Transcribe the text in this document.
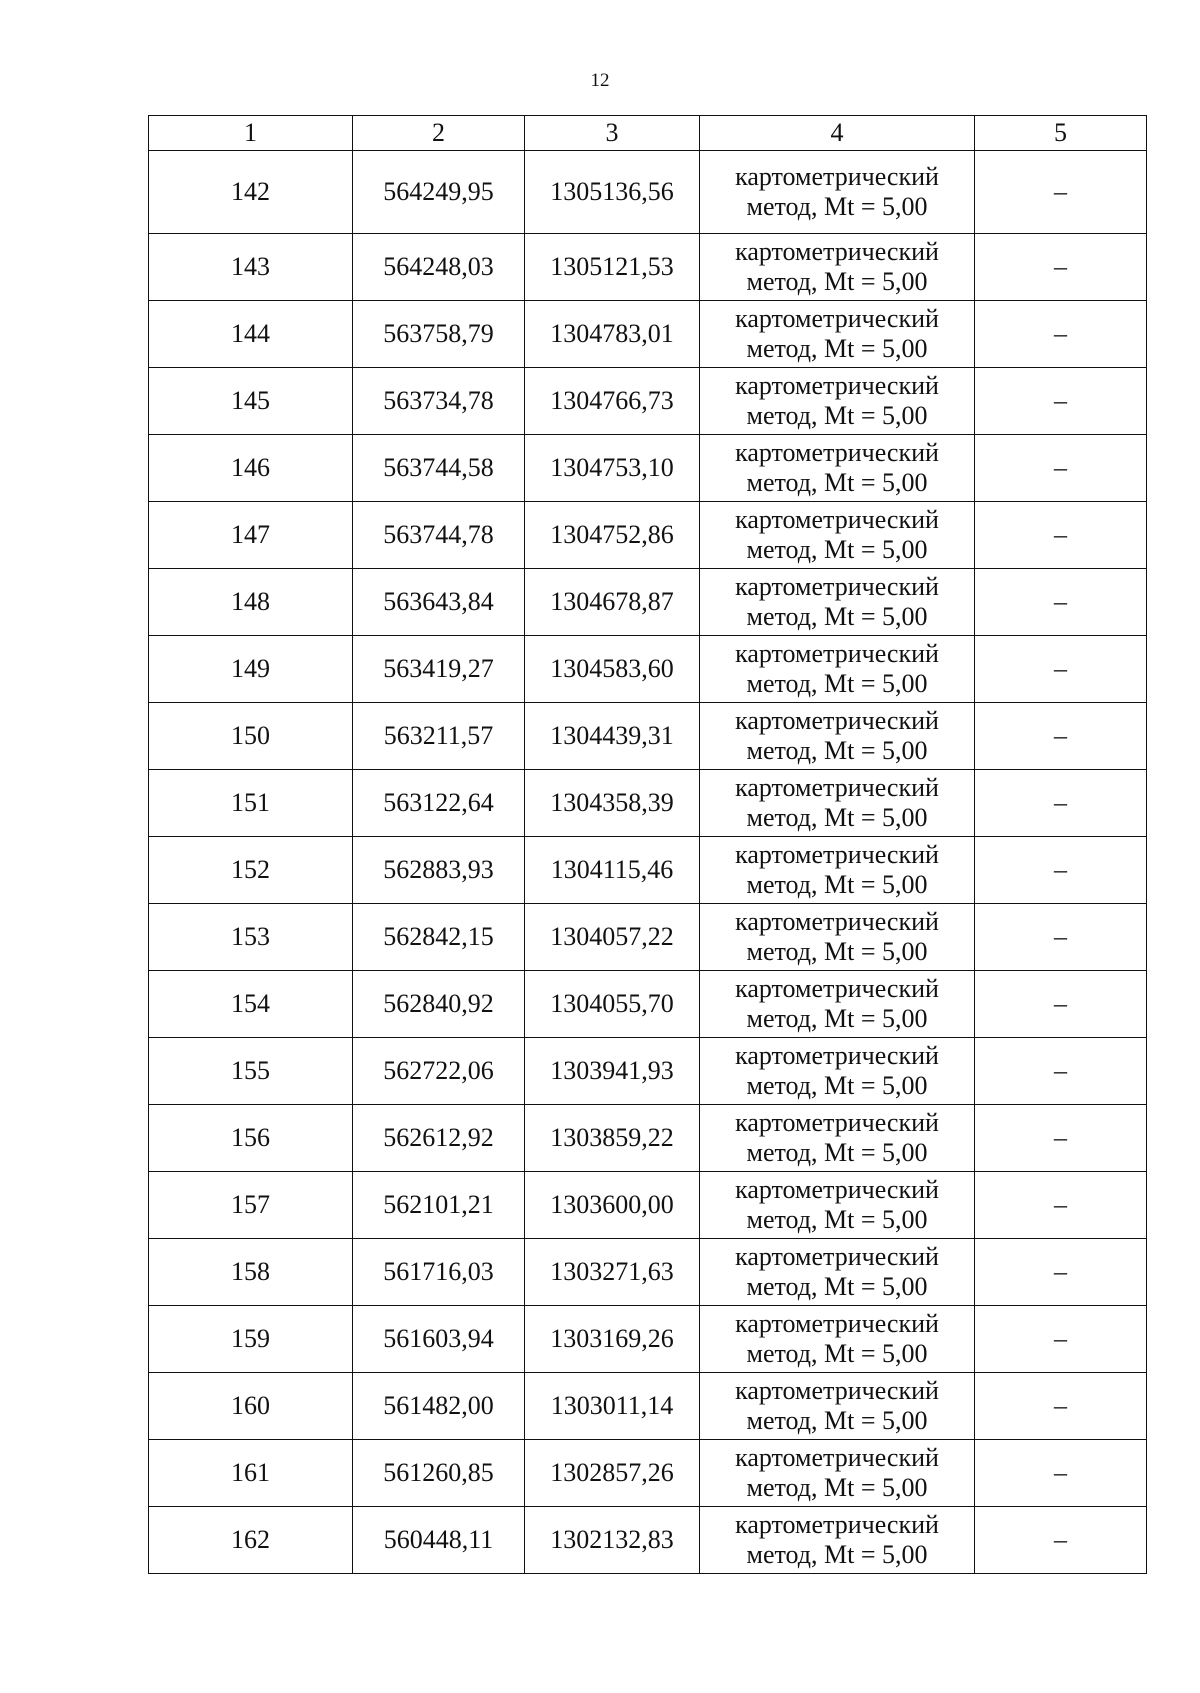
12
1	2	3	4	5
142	564249,95	1305136,56	картометрический
метод, Mt = 5,00	–
143	564248,03	1305121,53	картометрический
метод, Mt = 5,00	–
144	563758,79	1304783,01	картометрический
метод, Mt = 5,00	–
145	563734,78	1304766,73	картометрический
метод, Mt = 5,00	–
146	563744,58	1304753,10	картометрический
метод, Mt = 5,00	–
147	563744,78	1304752,86	картометрический
метод, Mt = 5,00	–
148	563643,84	1304678,87	картометрический
метод, Mt = 5,00	–
149	563419,27	1304583,60	картометрический
метод, Mt = 5,00	–
150	563211,57	1304439,31	картометрический
метод, Mt = 5,00	–
151	563122,64	1304358,39	картометрический
метод, Mt = 5,00	–
152	562883,93	1304115,46	картометрический
метод, Mt = 5,00	–
153	562842,15	1304057,22	картометрический
метод, Mt = 5,00	–
154	562840,92	1304055,70	картометрический
метод, Mt = 5,00	–
155	562722,06	1303941,93	картометрический
метод, Mt = 5,00	–
156	562612,92	1303859,22	картометрический
метод, Mt = 5,00	–
157	562101,21	1303600,00	картометрический
метод, Mt = 5,00	–
158	561716,03	1303271,63	картометрический
метод, Mt = 5,00	–
159	561603,94	1303169,26	картометрический
метод, Mt = 5,00	–
160	561482,00	1303011,14	картометрический
метод, Mt = 5,00	–
161	561260,85	1302857,26	картометрический
метод, Mt = 5,00	–
162	560448,11	1302132,83	картометрический
метод, Mt = 5,00	–
